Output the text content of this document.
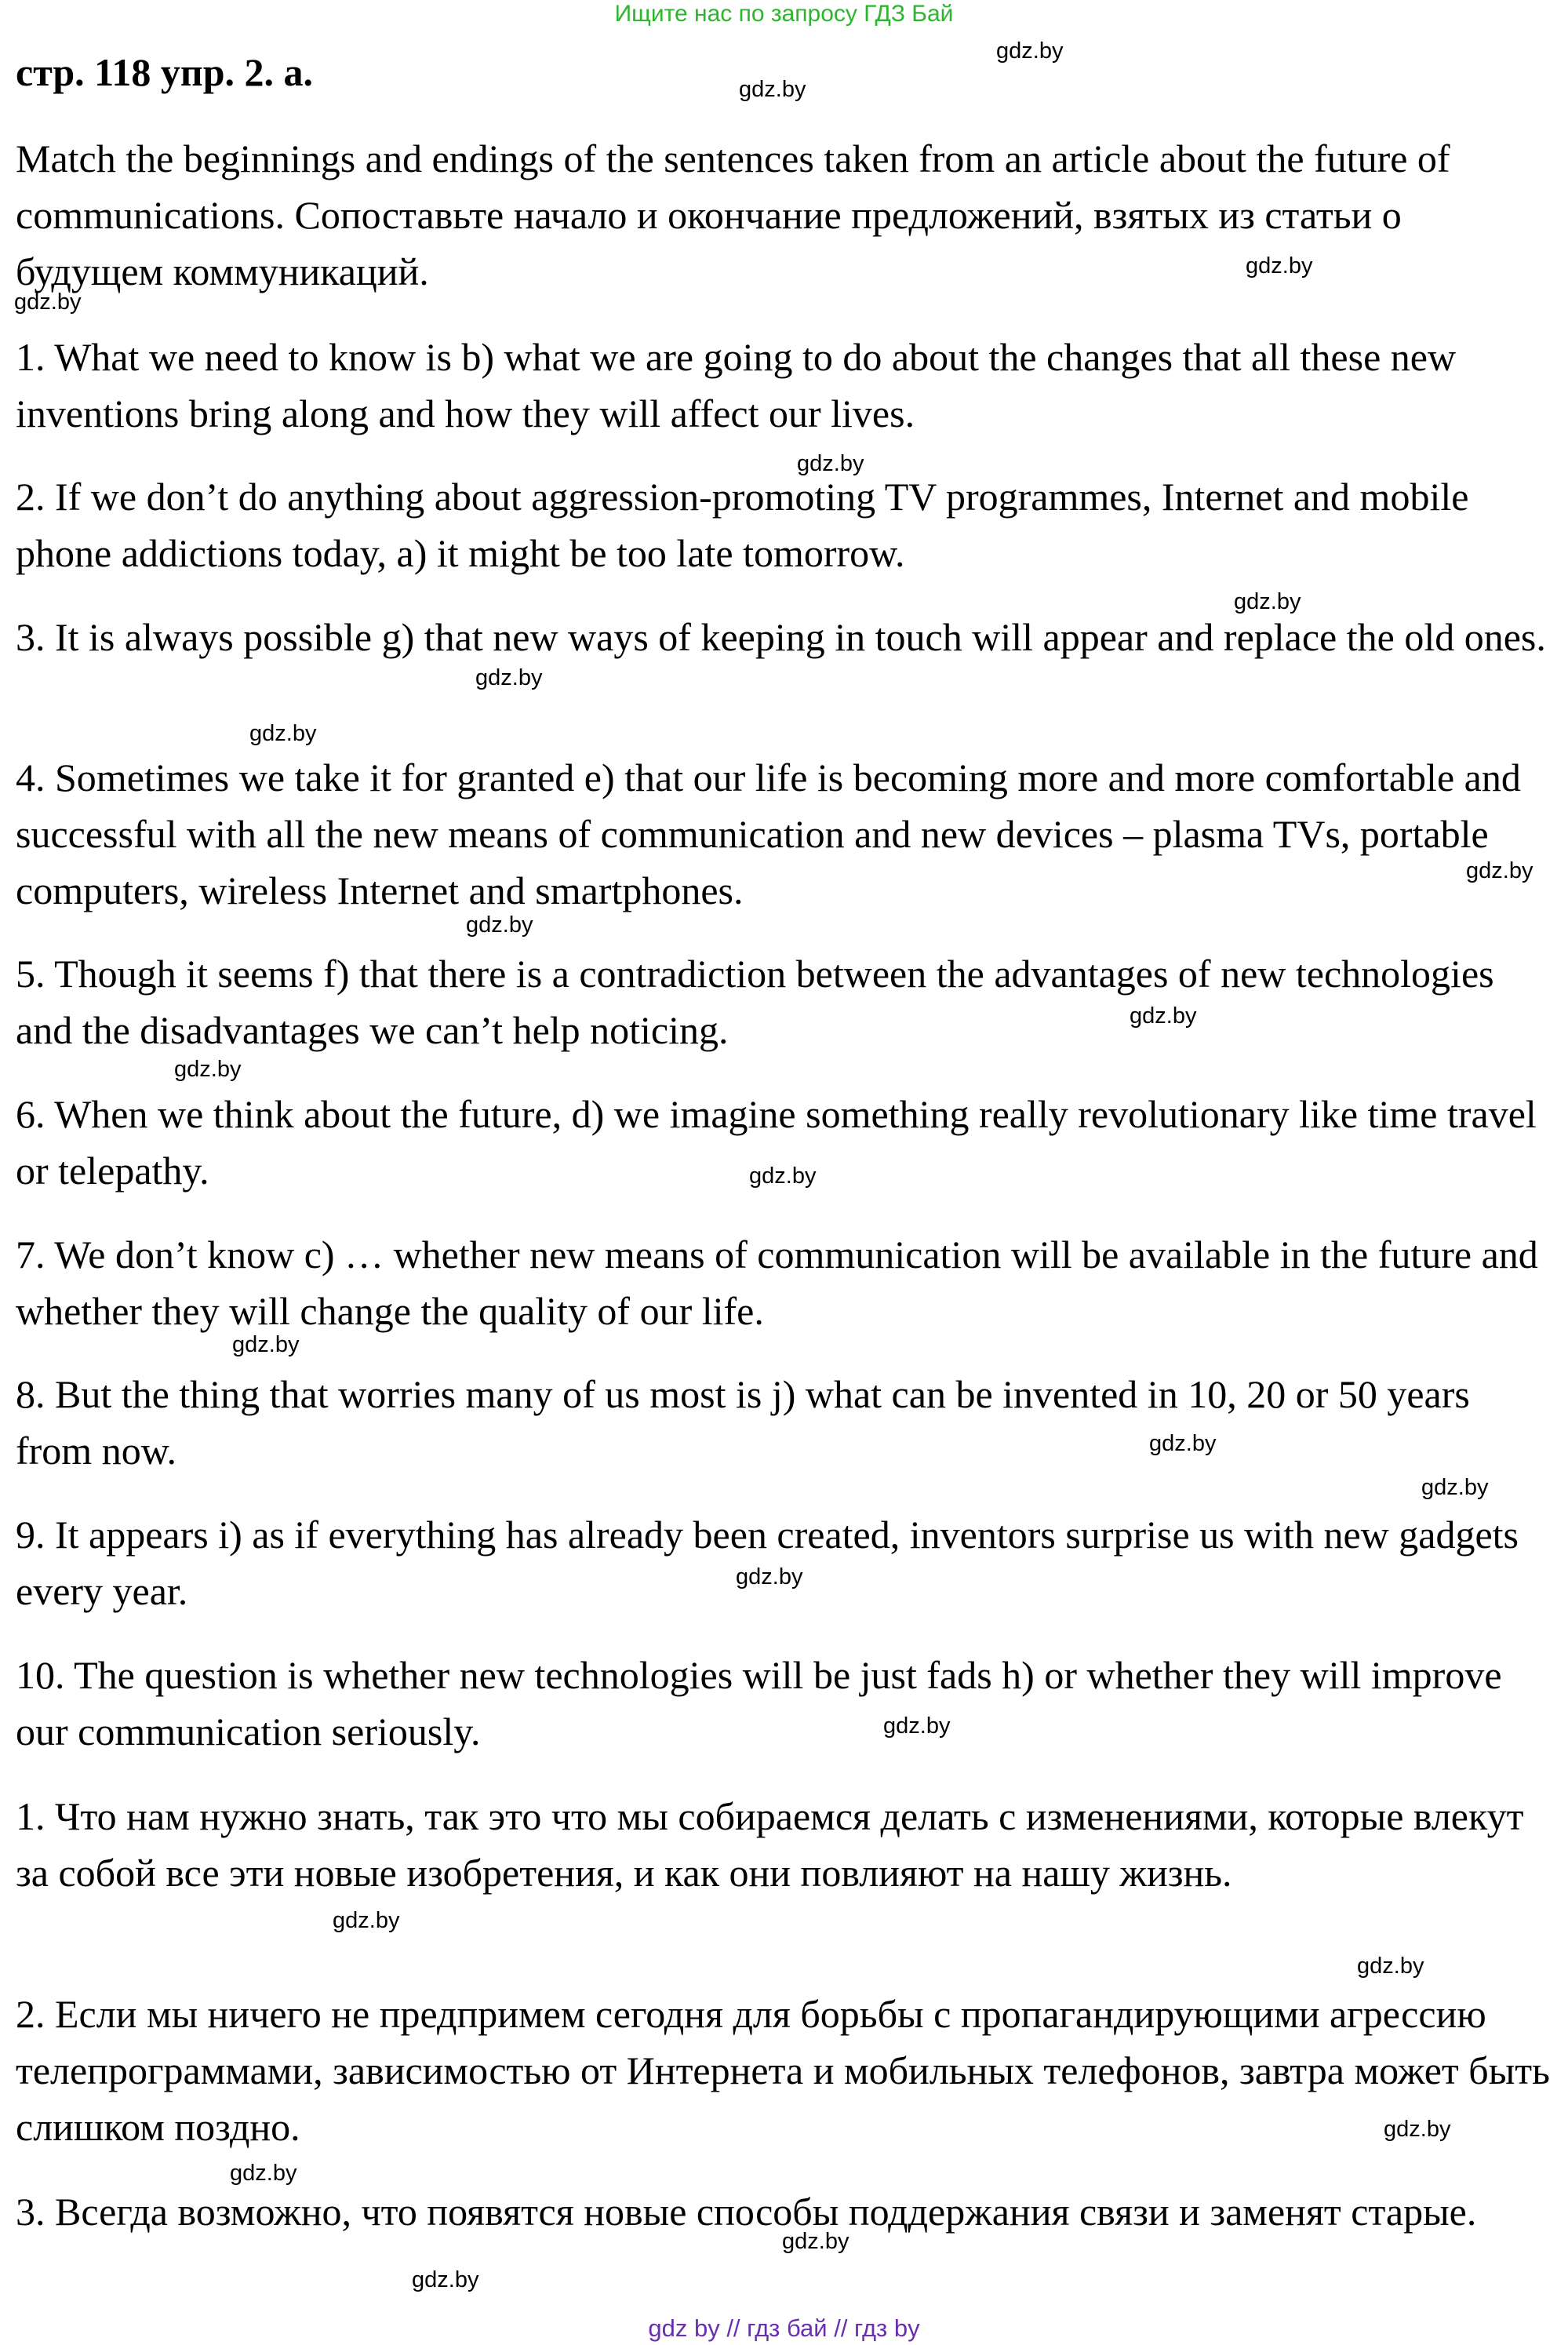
Ищите нас по запросу ГДЗ Бай
стр. 118 упр. 2. а.
Match the beginnings and endings of the sentences taken from an article about the future of communications. Сопоставьте начало и окончание предложений, взятых из статьи о будущем коммуникаций.
1. What we need to know is b) what we are going to do about the changes that all these new inventions bring along and how they will affect our lives.
2. If we don’t do anything about aggression-promoting TV programmes, Internet and mobile phone addictions today, a) it might be too late tomorrow.
3. It is always possible g) that new ways of keeping in touch will appear and replace the old ones.
4. Sometimes we take it for granted e) that our life is becoming more and more comfortable and successful with all the new means of communication and new devices – plasma TVs, portable computers, wireless Internet and smartphones.
5. Though it seems f) that there is a contradiction between the advantages of new technologies and the disadvantages we can’t help noticing.
6. When we think about the future, d) we imagine something really revolutionary like time travel or telepathy.
7. We don’t know c) … whether new means of communication will be available in the future and whether they will change the quality of our life.
8. But the thing that worries many of us most is j) what can be invented in 10, 20 or 50 years from now.
9. It appears i) as if everything has already been created, inventors surprise us with new gadgets every year.
10. The question is whether new technologies will be just fads h) or whether they will improve our communication seriously.
1. Что нам нужно знать, так это что мы собираемся делать с изменениями, которые влекут за собой все эти новые изобретения, и как они повлияют на нашу жизнь.
2. Если мы ничего не предпримем сегодня для борьбы с пропагандирующими агрессию телепрограммами, зависимостью от Интернета и мобильных телефонов, завтра может быть слишком поздно.
3. Всегда возможно, что появятся новые способы поддержания связи и заменят старые.
gdz.by
gdz.by
gdz.by
gdz.by
gdz.by
gdz.by
gdz.by
gdz.by
gdz.by
gdz.by
gdz.by
gdz.by
gdz.by
gdz.by
gdz.by
gdz.by
gdz.by
gdz.by
gdz.by
gdz.by
gdz.by
gdz.by
gdz.by
gdz.by
gdz by // гдз бай // гдз by
